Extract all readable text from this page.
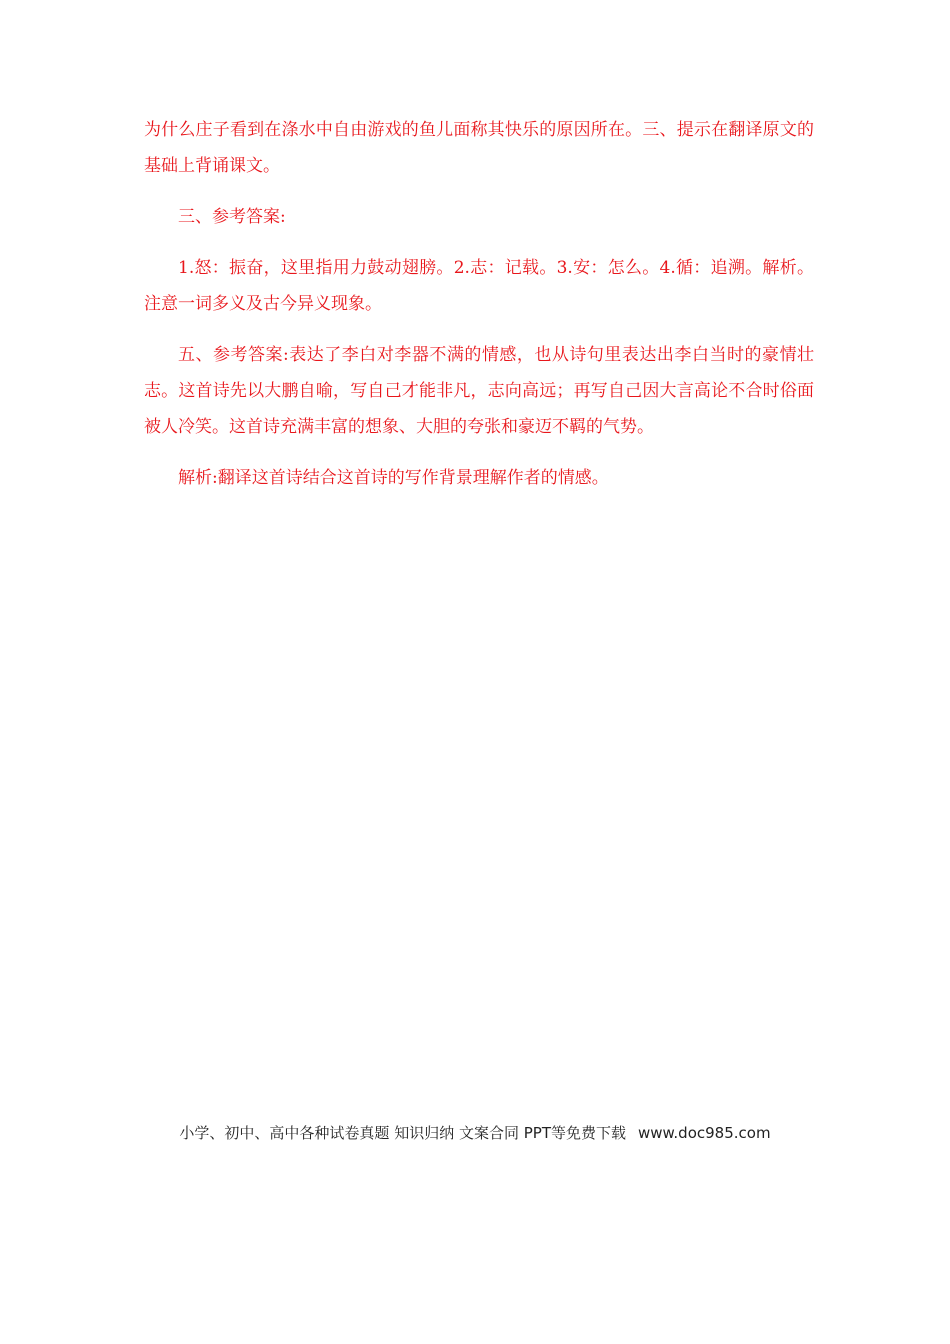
为什么庄子看到在涤水中自由游戏的鱼儿面称其快乐的原因所在。三、提示在翻译原文的基础上背诵课文。

三、参考答案:

1.怒：振奋，这里指用力鼓动翅膀。2.志：记载。3.安：怎么。4.循：追溯。解析。注意一词多义及古今异义现象。

五、参考答案:表达了李白对李器不满的情感，也从诗句里表达出李白当时的豪情壮志。这首诗先以大鹏自喻，写自己才能非凡，志向高远；再写自己因大言高论不合时俗面被人冷笑。这首诗充满丰富的想象、大胆的夸张和豪迈不羁的气势。

解析:翻译这首诗结合这首诗的写作背景理解作者的情感。

小学、初中、高中各种试卷真题 知识归纳 文案合同 PPT等免费下载 www.doc985.com
